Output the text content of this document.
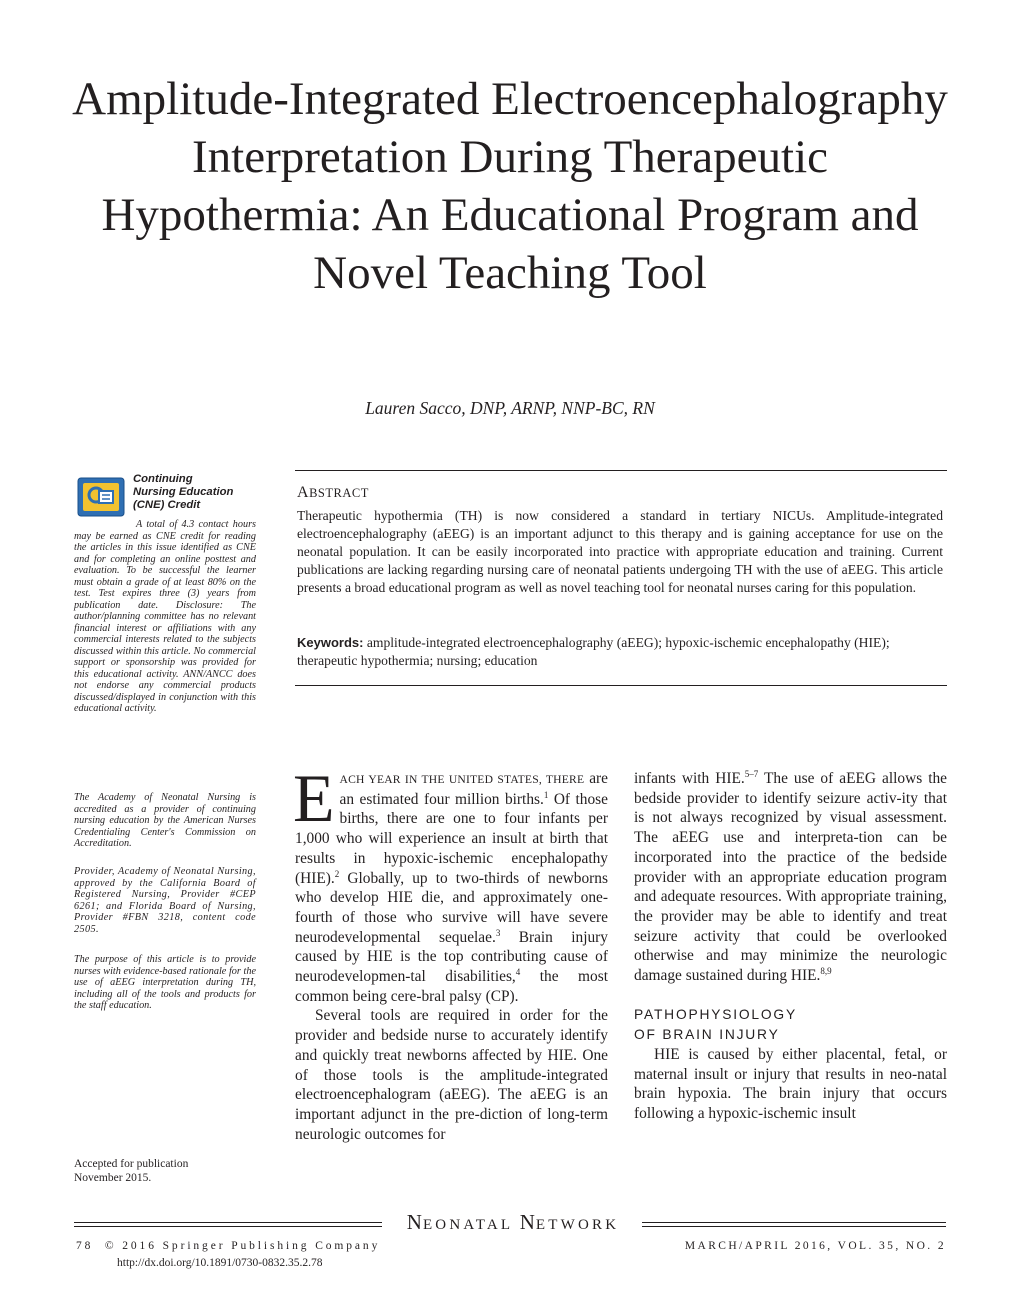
Amplitude-Integrated Electroencephalography Interpretation During Therapeutic Hypothermia: An Educational Program and Novel Teaching Tool
Lauren Sacco, DNP, ARNP, NNP-BC, RN
Continuing
Nursing Education
(CNE) Credit
A total of 4.3 contact hours may be earned as CNE credit for reading the articles in this issue identified as CNE and for completing an online posttest and evaluation. To be successful the learner must obtain a grade of at least 80% on the test. Test expires three (3) years from publication date. Disclosure: The author/planning committee has no relevant financial interest or affiliations with any commercial interests related to the subjects discussed within this article. No commercial support or sponsorship was provided for this educational activity. ANN/ANCC does not endorse any commercial products discussed/displayed in conjunction with this educational activity.
The Academy of Neonatal Nursing is accredited as a provider of continuing nursing education by the American Nurses Credentialing Center's Commission on Accreditation.
Provider, Academy of Neonatal Nursing, approved by the California Board of Registered Nursing, Provider #CEP 6261; and Florida Board of Nursing, Provider #FBN 3218, content code 2505.
The purpose of this article is to provide nurses with evidence-based rationale for the use of aEEG interpretation during TH, including all of the tools and products for the staff education.
Accepted for publication November 2015.
ABSTRACT
Therapeutic hypothermia (TH) is now considered a standard in tertiary NICUs. Amplitude-integrated electroencephalography (aEEG) is an important adjunct to this therapy and is gaining acceptance for use on the neonatal population. It can be easily incorporated into practice with appropriate education and training. Current publications are lacking regarding nursing care of neonatal patients undergoing TH with the use of aEEG. This article presents a broad educational program as well as novel teaching tool for neonatal nurses caring for this population.
Keywords: amplitude-integrated electroencephalography (aEEG); hypoxic-ischemic encephalopathy (HIE); therapeutic hypothermia; nursing; education

EACH YEAR IN THE UNITED STATES, THERE are an estimated four million births.$^1$ Of those births, there are one to four infants per 1,000 who will experience an insult at birth that results in hypoxic-ischemic encephalopathy (HIE).$^2$ Globally, up to two-thirds of newborns who develop HIE die, and approximately one-fourth of those who survive will have severe neurodevelopmental sequelae.$^3$ Brain injury caused by HIE is the top contributing cause of neurodevelopmen-tal disabilities,$^4$ the most common being cere-bral palsy (CP).

Several tools are required in order for the provider and bedside nurse to accurately identify and quickly treat newborns affected by HIE. One of those tools is the amplitude-integrated electroencephalogram (aEEG). The aEEG is an important adjunct in the pre-diction of long-term neurologic outcomes for

infants with HIE.$^{5-7}$ The use of aEEG allows the bedside provider to identify seizure activ-ity that is not always recognized by visual assessment. The aEEG use and interpreta-tion can be incorporated into the practice of the bedside provider with an appropriate education program and adequate resources. With appropriate training, the provider may be able to identify and treat seizure activity that could be overlooked otherwise and may minimize the neurologic damage sustained during HIE.$^{8,9}$

PATHOPHYSIOLOGY
OF BRAIN INJURY

HIE is caused by either placental, fetal, or maternal insult or injury that results in neo-natal brain hypoxia. The brain injury that occurs following a hypoxic-ischemic insult

NEONATAL NETWORK
78  © 2016 Springer Publishing Company
http://dx.doi.org/10.1891/0730-0832.35.2.78
MARCH/APRIL 2016, VOL. 35, NO. 2
